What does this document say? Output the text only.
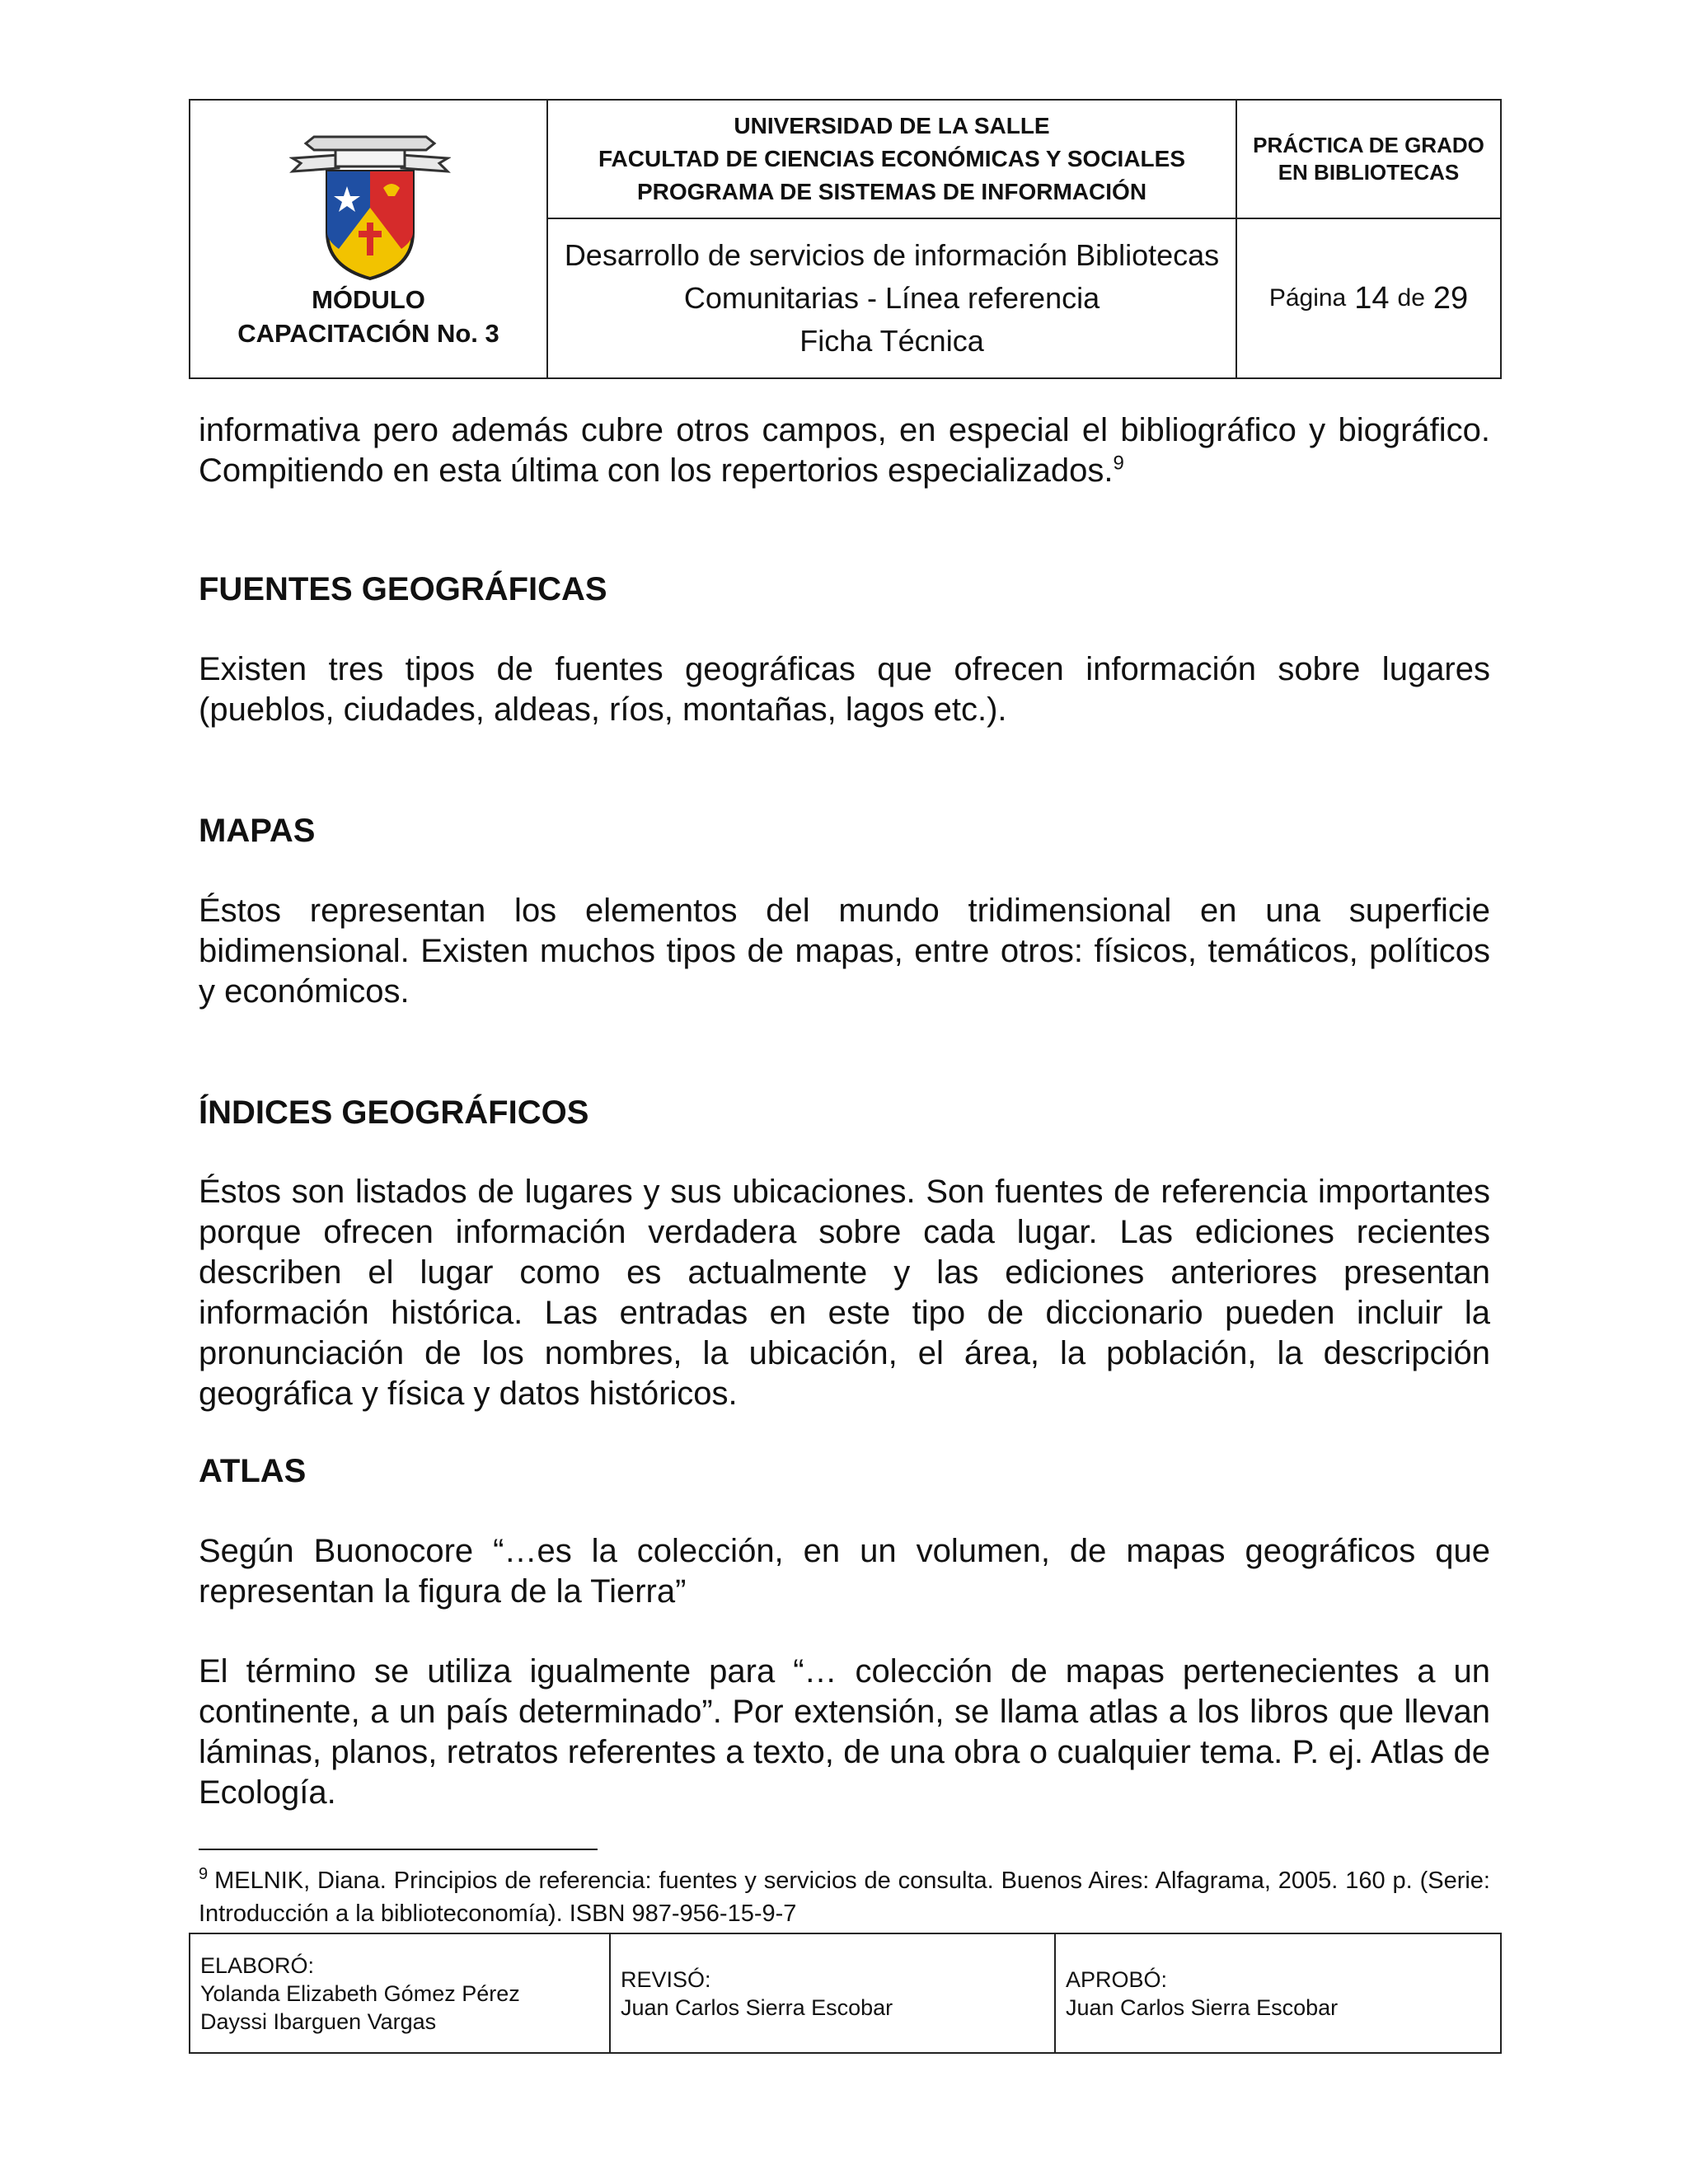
MÓDULO
CAPACITACIÓN No. 3
UNIVERSIDAD DE LA SALLE
FACULTAD DE CIENCIAS ECONÓMICAS Y SOCIALES
PROGRAMA DE SISTEMAS DE INFORMACIÓN
Desarrollo de servicios de información Bibliotecas
Comunitarias - Línea referencia
Ficha Técnica
PRÁCTICA DE GRADO
EN BIBLIOTECAS
Página 14 de 29

informativa pero además cubre otros campos, en especial el bibliográfico y biográfico. Compitiendo en esta última con los repertorios especializados.$^9$

FUENTES GEOGRÁFICAS

Existen tres tipos de fuentes geográficas que ofrecen información sobre lugares (pueblos, ciudades, aldeas, ríos, montañas, lagos etc.).

MAPAS

Éstos representan los elementos del mundo tridimensional en una superficie bidimensional. Existen muchos tipos de mapas, entre otros: físicos, temáticos, políticos y económicos.

ÍNDICES GEOGRÁFICOS

Éstos son listados de lugares y sus ubicaciones. Son fuentes de referencia importantes porque ofrecen información verdadera sobre cada lugar. Las ediciones recientes describen el lugar como es actualmente y las ediciones anteriores presentan información histórica. Las entradas en este tipo de diccionario pueden incluir la pronunciación de los nombres, la ubicación, el área, la población, la descripción geográfica y física y datos históricos.

ATLAS

Según Buonocore “…es la colección, en un volumen, de mapas geográficos que representan la figura de la Tierra”

El término se utiliza igualmente para “… colección de mapas pertenecientes a un continente, a un país determinado”. Por extensión, se llama atlas a los libros que llevan láminas, planos, retratos referentes a texto, de una obra o cualquier tema. P. ej. Atlas de Ecología.

$^9$ MELNIK, Diana. Principios de referencia: fuentes y servicios de consulta. Buenos Aires: Alfagrama, 2005. 160 p. (Serie: Introducción a la biblioteconomía). ISBN 987-956-15-9-7
ELABORÓ:
Yolanda Elizabeth Gómez Pérez
Dayssi Ibarguen Vargas
REVISÓ:
Juan Carlos Sierra Escobar
APROBÓ:
Juan Carlos Sierra Escobar
